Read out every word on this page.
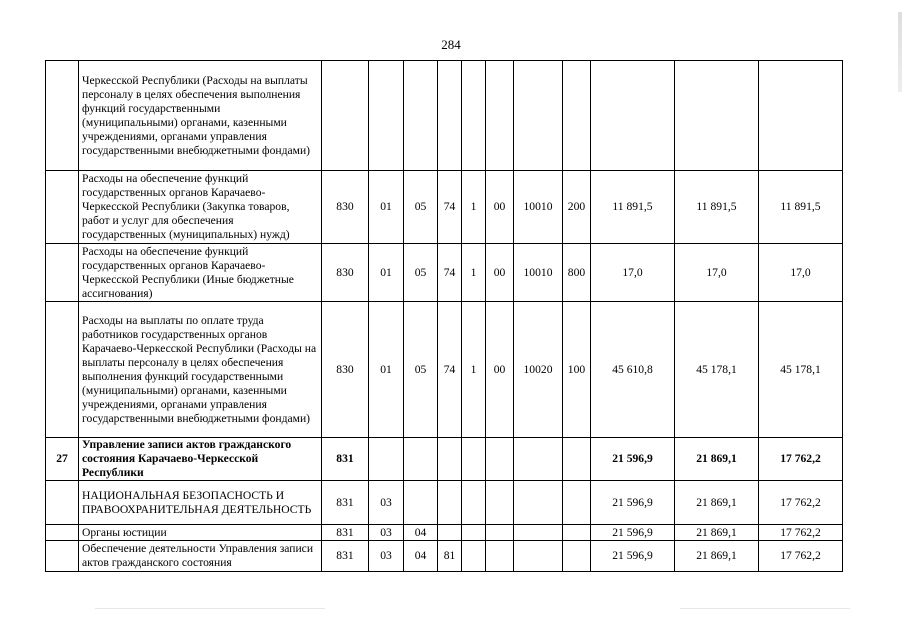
284
	Черкесской Республики (Расходы на выплаты персоналу в целях обеспечения выполнения функций государственными (муниципальными) органами, казенными учреждениями, органами управления государственными внебюджетными фондами)											
	Расходы на обеспечение функций государственных органов Карачаево-Черкесской Республики (Закупка товаров, работ и услуг для обеспечения государственных (муниципальных) нужд)	830	01	05	74	1	00	10010	200	11 891,5	11 891,5	11 891,5
	Расходы на обеспечение функций государственных органов Карачаево-Черкесской Республики (Иные бюджетные ассигнования)	830	01	05	74	1	00	10010	800	17,0	17,0	17,0
	Расходы на выплаты по оплате труда работников государственных органов Карачаево-Черкесской Республики (Расходы на выплаты персоналу в целях обеспечения выполнения функций государственными (муниципальными) органами, казенными учреждениями, органами управления государственными внебюджетными фондами)	830	01	05	74	1	00	10020	100	45 610,8	45 178,1	45 178,1
27	Управление записи актов гражданского состояния Карачаево-Черкесской Республики	831								21 596,9	21 869,1	17 762,2
	НАЦИОНАЛЬНАЯ БЕЗОПАСНОСТЬ И ПРАВООХРАНИТЕЛЬНАЯ ДЕЯТЕЛЬНОСТЬ	831	03							21 596,9	21 869,1	17 762,2
	Органы юстиции	831	03	04						21 596,9	21 869,1	17 762,2
	Обеспечение деятельности Управления записи актов гражданского состояния	831	03	04	81					21 596,9	21 869,1	17 762,2
